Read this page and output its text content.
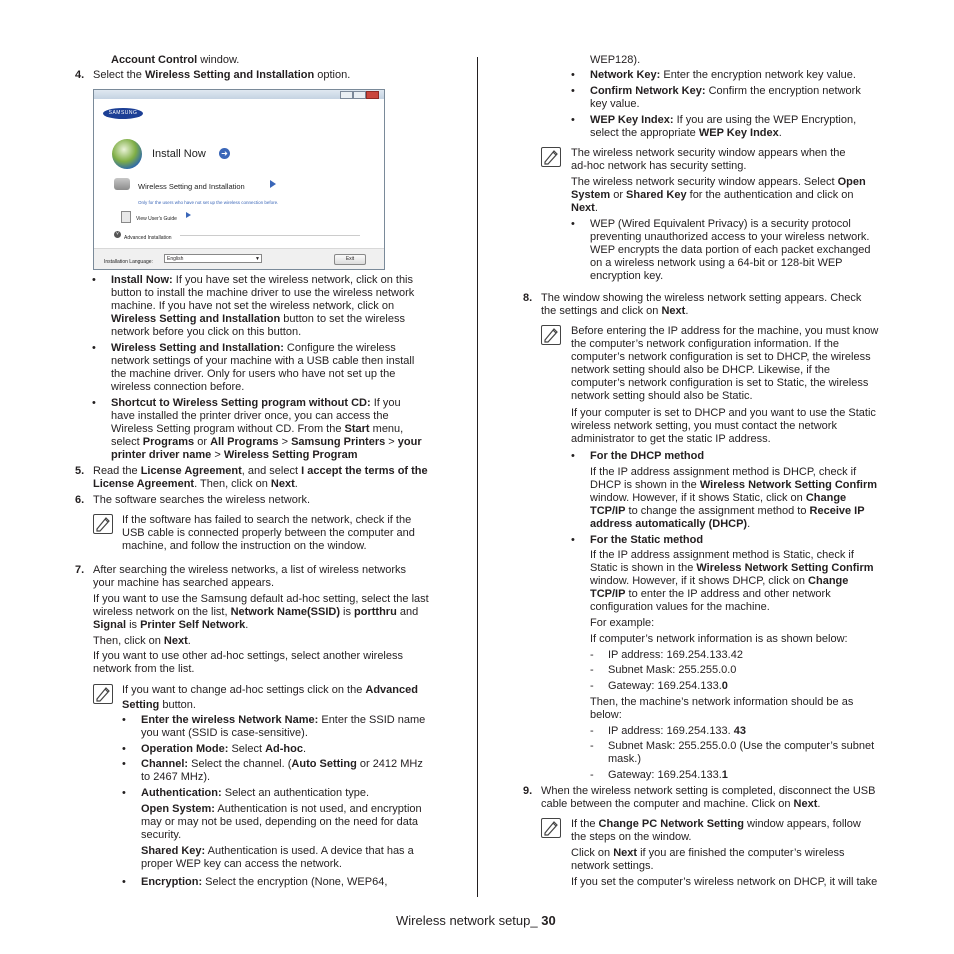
Account Control window.
4. Select the Wireless Setting and Installation option.
SAMSUNG
Install Now ➜
Wireless Setting and Installation
Only for the users who have not set up the wireless connection before.
View User's Guide
˅
Advanced Installation
Installation Language:	English	▼	Exit
• Install Now: If you have set the wireless network, click on this
button to install the machine driver to use the wireless network
machine. If you have not set the wireless network, click on
Wireless Setting and Installation button to set the wireless
network before you click on this button.
• Wireless Setting and Installation: Configure the wireless
network settings of your machine with a USB cable then install
the machine driver. Only for users who have not set up the
wireless connection before.
• Shortcut to Wireless Setting program without CD: If you
have installed the printer driver once, you can access the
Wireless Setting program without CD. From the Start menu,
select Programs or All Programs > Samsung Printers > your
printer driver name > Wireless Setting Program
5. Read the License Agreement, and select I accept the terms of the
License Agreement. Then, click on Next.
6. The software searches the wireless network.
If the software has failed to search the network, check if the
USB cable is connected properly between the computer and
machine, and follow the instruction on the window.
7. After searching the wireless networks, a list of wireless networks
your machine has searched appears.
If you want to use the Samsung default ad-hoc setting, select the last
wireless network on the list, Network Name(SSID) is portthru and
Signal is Printer Self Network.
Then, click on Next.
If you want to use other ad-hoc settings, select another wireless
network from the list.
If you want to change ad-hoc settings click on the Advanced
Setting button.
• Enter the wireless Network Name: Enter the SSID name
you want (SSID is case-sensitive).
• Operation Mode: Select Ad-hoc.
• Channel: Select the channel. (Auto Setting or 2412 MHz
to 2467 MHz).
• Authentication: Select an authentication type.
Open System: Authentication is not used, and encryption
may or may not be used, depending on the need for data
security.
Shared Key: Authentication is used. A device that has a
proper WEP key can access the network.
• Encryption: Select the encryption (None, WEP64,
WEP128).
• Network Key: Enter the encryption network key value.
• Confirm Network Key: Confirm the encryption network
key value.
• WEP Key Index: If you are using the WEP Encryption,
select the appropriate WEP Key Index.
The wireless network security window appears when the
ad-hoc network has security setting.
The wireless network security window appears. Select Open
System or Shared Key for the authentication and click on
Next.
• WEP (Wired Equivalent Privacy) is a security protocol
preventing unauthorized access to your wireless network.
WEP encrypts the data portion of each packet exchanged
on a wireless network using a 64-bit or 128-bit WEP
encryption key.
8. The window showing the wireless network setting appears. Check
the settings and click on Next.
Before entering the IP address for the machine, you must know
the computer’s network configuration information. If the
computer’s network configuration is set to DHCP, the wireless
network setting should also be DHCP. Likewise, if the
computer’s network configuration is set to Static, the wireless
network setting should also be Static.
If your computer is set to DHCP and you want to use the Static
wireless network setting, you must contact the network
administrator to get the static IP address.
• For the DHCP method
If the IP address assignment method is DHCP, check if
DHCP is shown in the Wireless Network Setting Confirm
window. However, if it shows Static, click on Change
TCP/IP to change the assignment method to Receive IP
address automatically (DHCP).
• For the Static method
If the IP address assignment method is Static, check if
Static is shown in the Wireless Network Setting Confirm
window. However, if it shows DHCP, click on Change
TCP/IP to enter the IP address and other network
configuration values for the machine.
For example:
If computer’s network information is as shown below:
- IP address: 169.254.133.42
- Subnet Mask: 255.255.0.0
- Gateway: 169.254.133.0
Then, the machine’s network information should be as
below:
- IP address: 169.254.133. 43
- Subnet Mask: 255.255.0.0 (Use the computer’s subnet
mask.)
- Gateway: 169.254.133.1
9. When the wireless network setting is completed, disconnect the USB
cable between the computer and machine. Click on Next.
If the Change PC Network Setting window appears, follow
the steps on the window.
Click on Next if you are finished the computer’s wireless
network settings.
If you set the computer’s wireless network on DHCP, it will take
Wireless network setup_ 30
